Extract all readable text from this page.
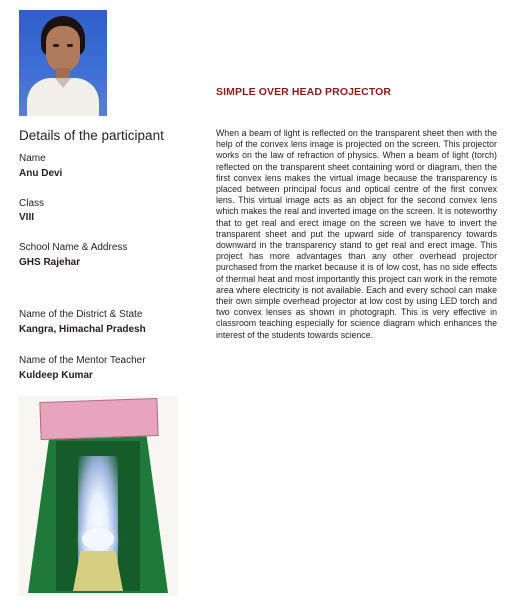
SIMPLE OVER HEAD PROJECTOR
Details of the participant
Name
Anu Devi
Class
VIII
School Name & Address
GHS Rajehar
Name of the District & State
Kangra, Himachal Pradesh
Name of the Mentor Teacher
Kuldeep Kumar

When a beam of light is reflected on the transparent sheet then with the help of the convex lens image is projected on the screen. This projector works on the law of refraction of physics. When a beam of light (torch) reflected on the transparent sheet containing word or diagram, then the first convex lens makes the virtual image because the transparency is placed between principal focus and optical centre of the first convex lens. This virtual image acts as an object for the second convex lens which makes the real and inverted image on the screen. It is noteworthy that to get real and erect image on the screen we have to invert the transparent sheet and put the upward side of transparency towards downward in the transparency stand to get real and erect image. This project has more advantages than any other overhead projector purchased from the market because it is of low cost, has no side effects of thermal heat and most importantly this project can work in the remote area where electricity is not available. Each and every school can make their own simple overhead projector at low cost by using LED torch and two convex lenses as shown in photograph. This is very effective in classroom teaching especially for science diagram which enhances the interest of the students towards science.
